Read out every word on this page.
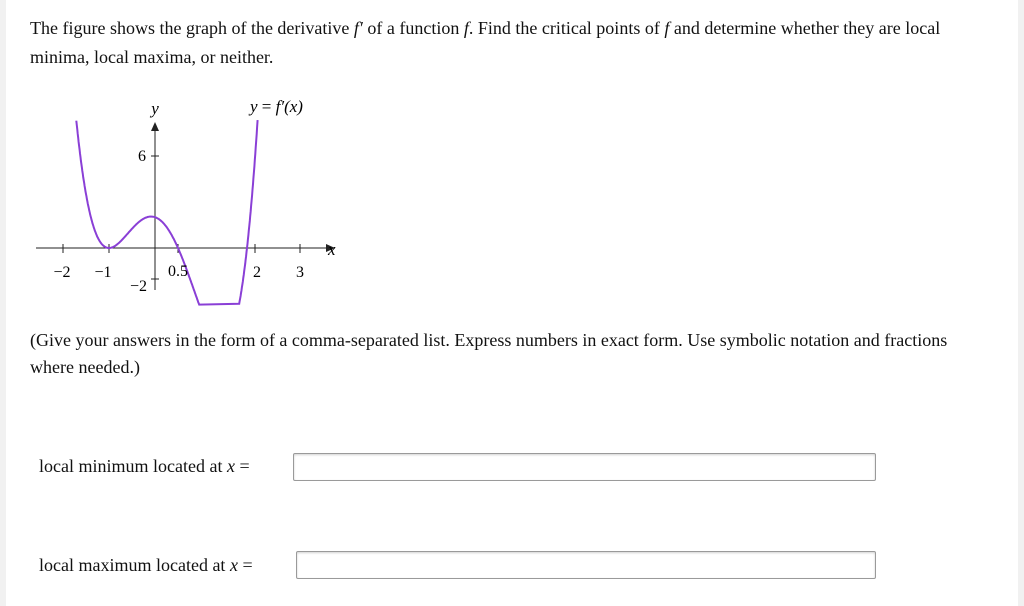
The figure shows the graph of the derivative f′ of a function f. Find the critical points of f and determine whether they are local minima, local maxima, or neither.
−2 −1	0.5	2 3
6
−2
y
x
y = f′(x)
(Give your answers in the form of a comma-separated list. Express numbers in exact form. Use symbolic notation and fractions where needed.)
local minimum located at x =
local maximum located at x =
